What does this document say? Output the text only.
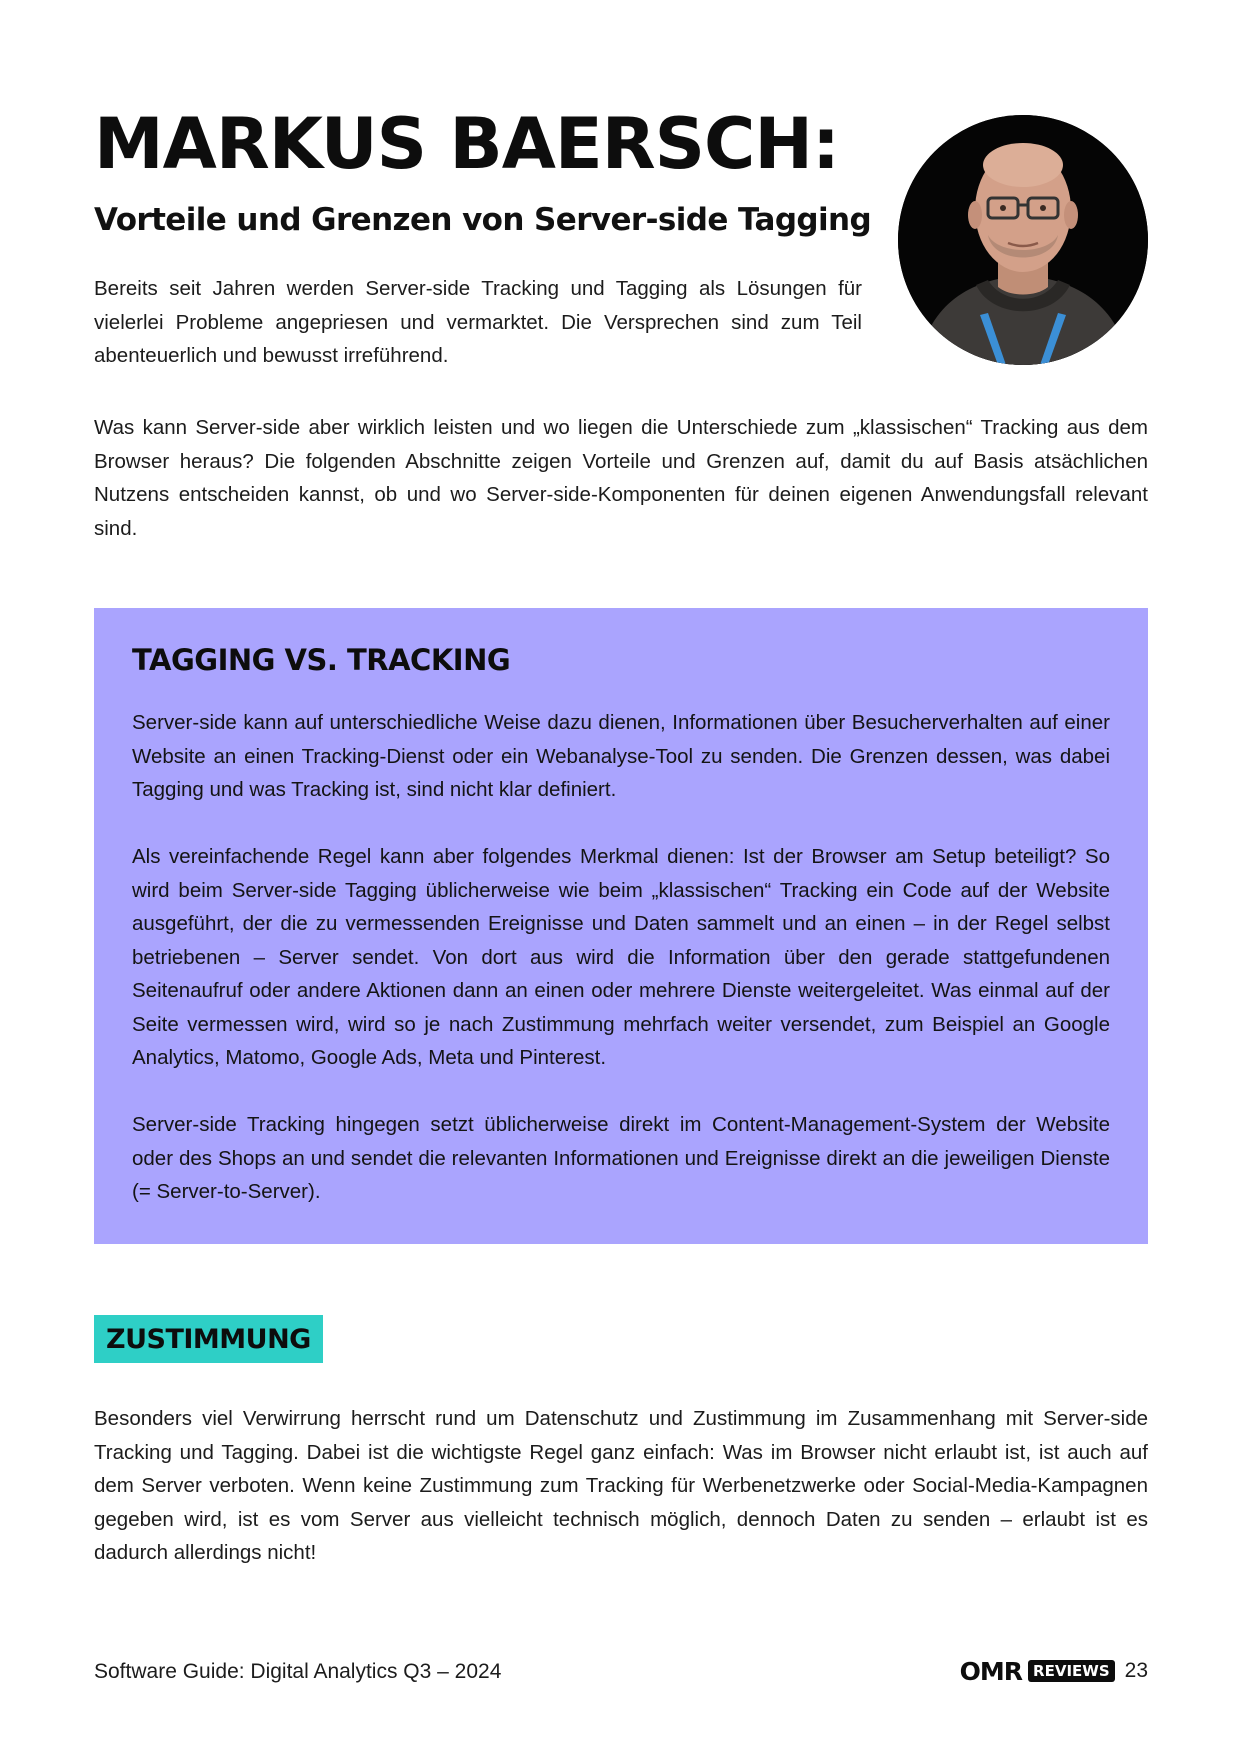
MARKUS BAERSCH:
Vorteile und Grenzen von Server-side Tagging

Bereits seit Jahren werden Server-side Tracking und Tagging als Lösungen für vielerlei Probleme angepriesen und vermarktet. Die Versprechen sind zum Teil abenteuerlich und bewusst irreführend.

Was kann Server-side aber wirklich leisten und wo liegen die Unterschiede zum „klassischen“ Tracking aus dem Browser heraus? Die folgenden Abschnitte zeigen Vorteile und Grenzen auf, damit du auf Basis atsächlichen Nutzens entscheiden kannst, ob und wo Server-side-Komponenten für deinen eigenen Anwendungsfall relevant sind.

TAGGING VS. TRACKING

Server-side kann auf unterschiedliche Weise dazu dienen, Informationen über Besucherverhalten auf einer Website an einen Tracking-Dienst oder ein Webanalyse-Tool zu senden. Die Grenzen dessen, was dabei Tagging und was Tracking ist, sind nicht klar definiert.

Als vereinfachende Regel kann aber folgendes Merkmal dienen: Ist der Browser am Setup beteiligt? So wird beim Server-side Tagging üblicherweise wie beim „klassischen“ Tracking ein Code auf der Website ausgeführt, der die zu vermessenden Ereignisse und Daten sammelt und an einen – in der Regel selbst betriebenen – Server sendet. Von dort aus wird die Information über den gerade stattgefundenen Seitenaufruf oder andere Aktionen dann an einen oder mehrere Dienste weitergeleitet. Was einmal auf der Seite vermessen wird, wird so je nach Zustimmung mehrfach weiter versendet, zum Beispiel an Google Analytics, Matomo, Google Ads, Meta und Pinterest.

Server-side Tracking hingegen setzt üblicherweise direkt im Content-Management-System der Website oder des Shops an und sendet die relevanten Informationen und Ereignisse direkt an die jeweiligen Dienste (= Server-to-Server).

ZUSTIMMUNG

Besonders viel Verwirrung herrscht rund um Datenschutz und Zustimmung im Zusammenhang mit Server-side Tracking und Tagging. Dabei ist die wichtigste Regel ganz einfach: Was im Browser nicht erlaubt ist, ist auch auf dem Server verboten. Wenn keine Zustimmung zum Tracking für Werbenetzwerke oder Social-Media-Kampagnen gegeben wird, ist es vom Server aus vielleicht technisch möglich, dennoch Daten zu senden – erlaubt ist es dadurch allerdings nicht!

Software Guide: Digital Analytics Q3 – 2024	OMR REVIEWS 23
